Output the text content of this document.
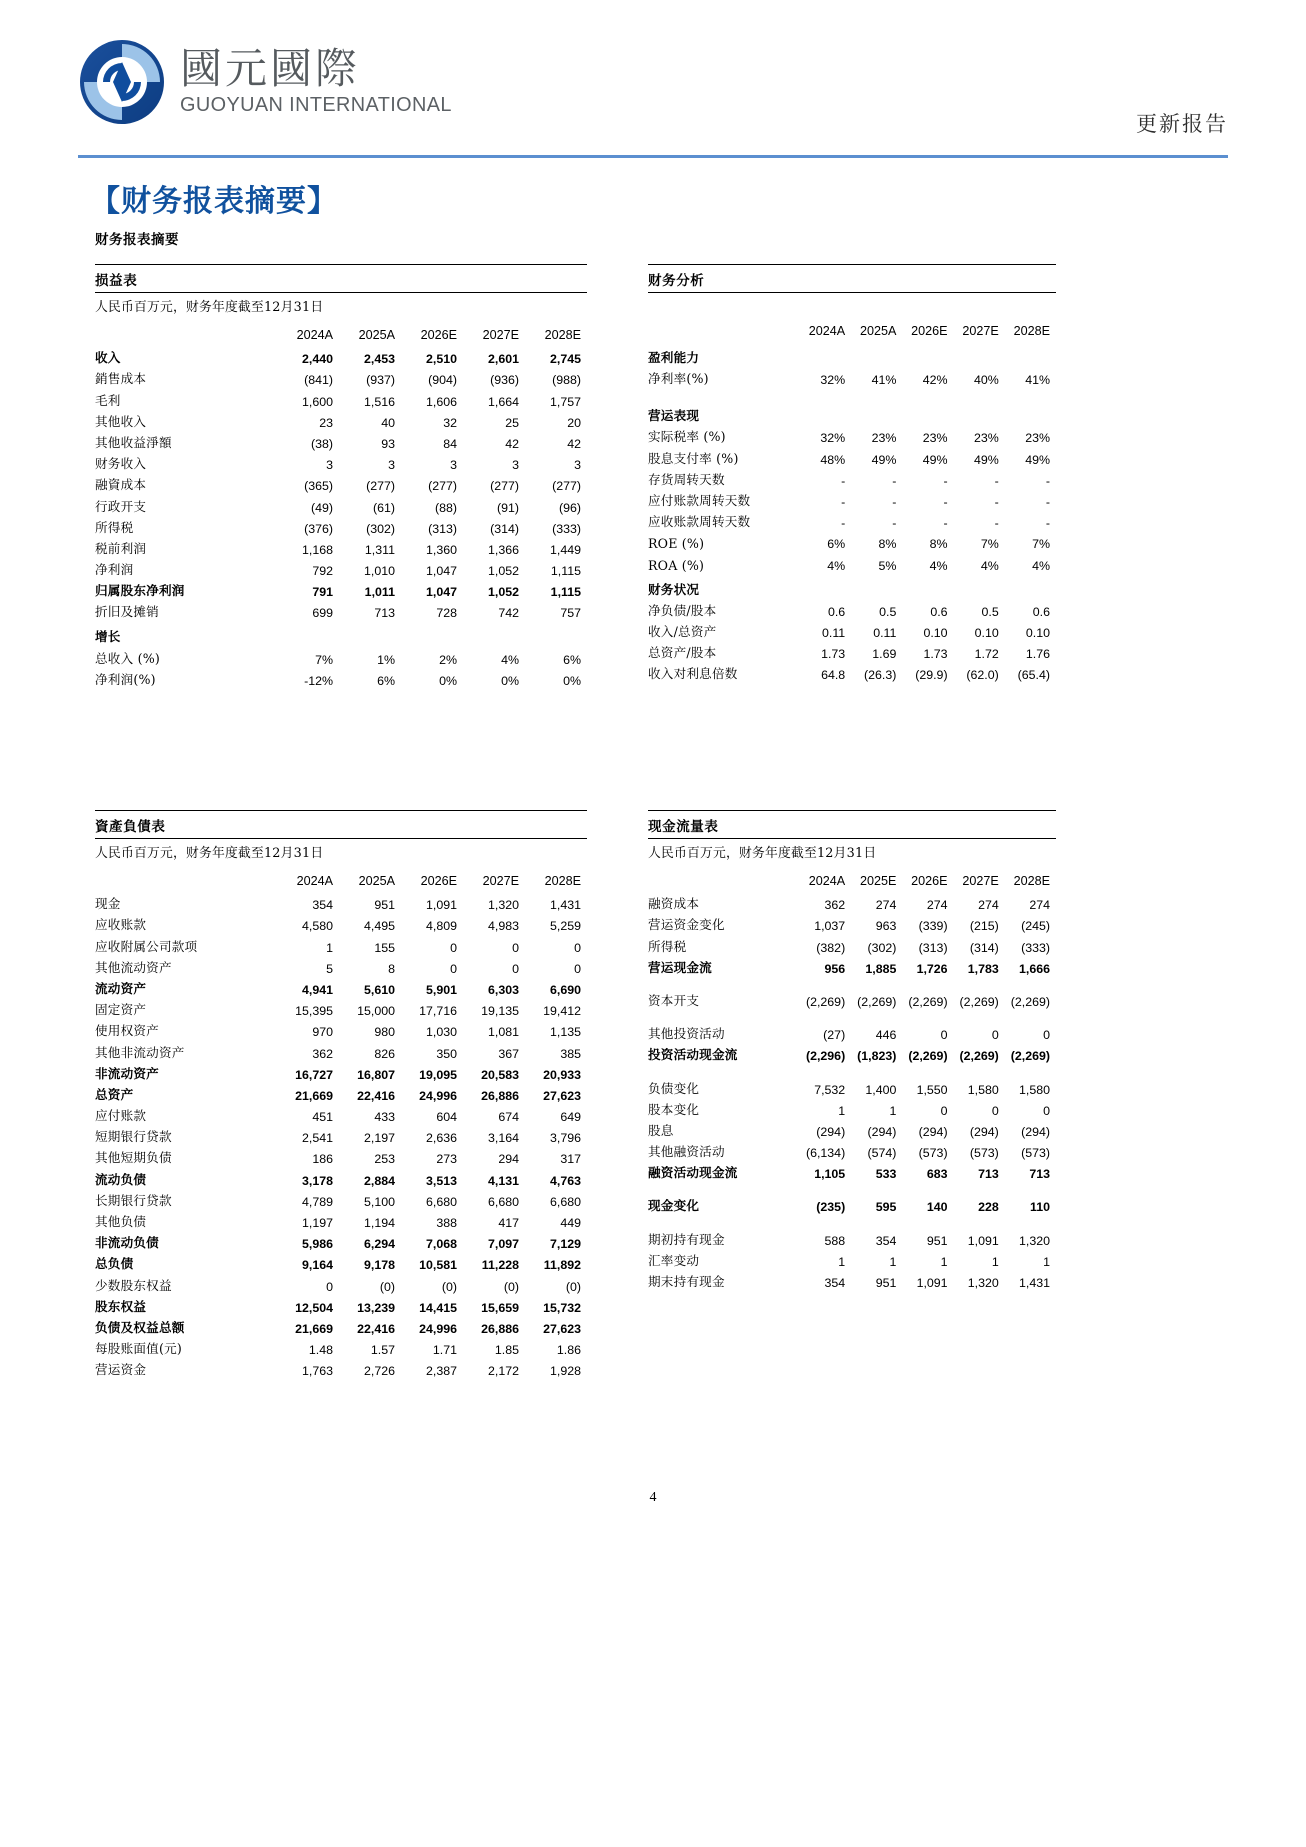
國元國際
GUOYUAN INTERNATIONAL
更新报告
【财务报表摘要】
财务报表摘要
损益表
人民币百万元，财务年度截至12月31日
	2024A	2025A	2026E	2027E	2028E
收入	2,440	2,453	2,510	2,601	2,745
銷售成本	(841)	(937)	(904)	(936)	(988)
毛利	1,600	1,516	1,606	1,664	1,757
其他收入	23	40	32	25	20
其他收益淨額	(38)	93	84	42	42
财务收入	3	3	3	3	3
融資成本	(365)	(277)	(277)	(277)	(277)
行政开支	(49)	(61)	(88)	(91)	(96)
所得税	(376)	(302)	(313)	(314)	(333)
税前利润	1,168	1,311	1,360	1,366	1,449
净利润	792	1,010	1,047	1,052	1,115
归属股东净利润	791	1,011	1,047	1,052	1,115
折旧及摊销	699	713	728	742	757
增长					
总收入 (%)	7%	1%	2%	4%	6%
净利润(%)	-12%	6%	0%	0%	0%
财务分析

	2024A	2025A	2026E	2027E	2028E
盈利能力					
净利率(%)	32%	41%	42%	40%	41%

营运表现					
实际税率 (%)	32%	23%	23%	23%	23%
股息支付率 (%)	48%	49%	49%	49%	49%
存货周转天数	-	-	-	-	-
应付账款周转天数	-	-	-	-	-
应收账款周转天数	-	-	-	-	-
ROE (%)	6%	8%	8%	7%	7%
ROA (%)	4%	5%	4%	4%	4%
财务状况					
净负债/股本	0.6	0.5	0.6	0.5	0.6
收入/总资产	0.11	0.11	0.10	0.10	0.10
总资产/股本	1.73	1.69	1.73	1.72	1.76
收入对利息倍数	64.8	(26.3)	(29.9)	(62.0)	(65.4)
資產負債表
人民币百万元，财务年度截至12月31日
	2024A	2025A	2026E	2027E	2028E
现金	354	951	1,091	1,320	1,431
应收账款	4,580	4,495	4,809	4,983	5,259
应收附属公司款项	1	155	0	0	0
其他流动资产	5	8	0	0	0
流动资产	4,941	5,610	5,901	6,303	6,690
固定资产	15,395	15,000	17,716	19,135	19,412
使用权资产	970	980	1,030	1,081	1,135
其他非流动资产	362	826	350	367	385
非流动资产	16,727	16,807	19,095	20,583	20,933
总资产	21,669	22,416	24,996	26,886	27,623
应付账款	451	433	604	674	649
短期银行贷款	2,541	2,197	2,636	3,164	3,796
其他短期负债	186	253	273	294	317
流动负债	3,178	2,884	3,513	4,131	4,763
长期银行贷款	4,789	5,100	6,680	6,680	6,680
其他负债	1,197	1,194	388	417	449
非流动负债	5,986	6,294	7,068	7,097	7,129
总负债	9,164	9,178	10,581	11,228	11,892
少数股东权益	0	(0)	(0)	(0)	(0)
股东权益	12,504	13,239	14,415	15,659	15,732
负债及权益总额	21,669	22,416	24,996	26,886	27,623
每股账面值(元)	1.48	1.57	1.71	1.85	1.86
营运资金	1,763	2,726	2,387	2,172	1,928
现金流量表
人民币百万元，财务年度截至12月31日
	2024A	2025E	2026E	2027E	2028E
融资成本	362	274	274	274	274
营运资金变化	1,037	963	(339)	(215)	(245)
所得税	(382)	(302)	(313)	(314)	(333)
营运现金流	956	1,885	1,726	1,783	1,666

资本开支	(2,269)	(2,269)	(2,269)	(2,269)	(2,269)

其他投资活动	(27)	446	0	0	0
投资活动现金流	(2,296)	(1,823)	(2,269)	(2,269)	(2,269)

负债变化	7,532	1,400	1,550	1,580	1,580
股本变化	1	1	0	0	0
股息	(294)	(294)	(294)	(294)	(294)
其他融资活动	(6,134)	(574)	(573)	(573)	(573)
融资活动现金流	1,105	533	683	713	713

现金变化	(235)	595	140	228	110

期初持有现金	588	354	951	1,091	1,320
汇率变动	1	1	1	1	1
期末持有现金	354	951	1,091	1,320	1,431
4
